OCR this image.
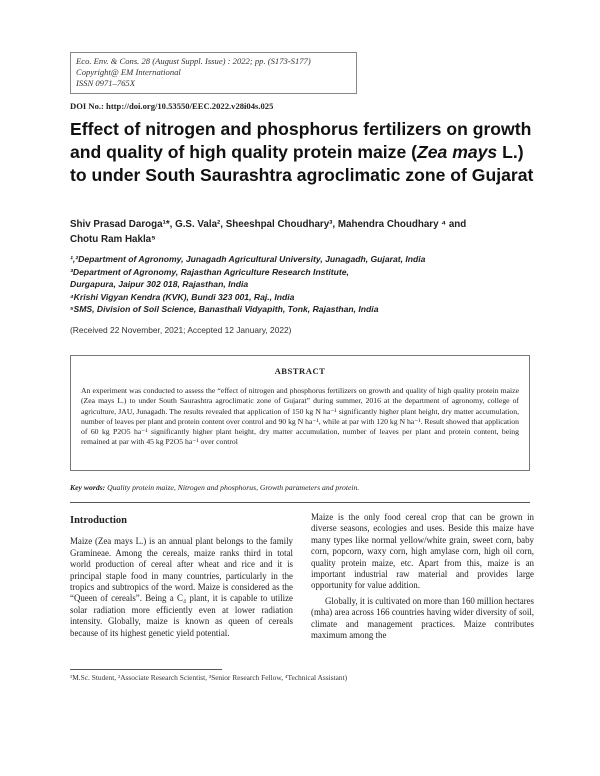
Eco. Env. & Cons. 28 (August Suppl. Issue) : 2022; pp. (S173-S177)
Copyright@ EM International
ISSN 0971–765X
DOI No.: http://doi.org/10.53550/EEC.2022.v28i04s.025
Effect of nitrogen and phosphorus fertilizers on growth and quality of high quality protein maize (Zea mays L.) to under South Saurashtra agroclimatic zone of Gujarat
Shiv Prasad Daroga¹*, G.S. Vala², Sheeshpal Choudhary³, Mahendra Choudhary ⁴ and
Chotu Ram Hakla⁵
¹,²Department of Agronomy, Junagadh Agricultural University, Junagadh, Gujarat, India
³Department of Agronomy, Rajasthan Agriculture Research Institute,
Durgapura, Jaipur 302 018, Rajasthan, India
⁴Krishi Vigyan Kendra (KVK), Bundi 323 001, Raj., India
⁵SMS, Division of Soil Science, Banasthali Vidyapith, Tonk, Rajasthan, India
(Received 22 November, 2021; Accepted 12 January, 2022)
ABSTRACT
An experiment was conducted to assess the “effect of nitrogen and phosphorus fertilizers on growth and quality of high quality protein maize (Zea mays L.) to under South Saurashtra agroclimatic zone of Gujarat” during summer, 2016 at the department of agronomy, college of agriculture, JAU, Junagadh. The results revealed that application of 150 kg N ha⁻¹ significantly higher plant height, dry matter accumulation, number of leaves per plant and protein content over control and 90 kg N ha⁻¹, while at par with 120 kg N ha⁻¹. Result showed that application of 60 kg P2O5 ha⁻¹ significantly higher plant height, dry matter accumulation, number of leaves per plant and protein content, being remained at par with 45 kg P2O5 ha⁻¹ over control
Key words: Quality protein maize, Nitrogen and phosphorus, Growth parameters and protein.
Introduction

Maize (Zea mays L.) is an annual plant belongs to the family Gramineae. Among the cereals, maize ranks third in total world production of cereal after wheat and rice and it is principal staple food in many countries, particularly in the tropics and subtropics of the word. Maize is considered as the “Queen of cereals”. Being a C₄ plant, it is capable to utilize solar radiation more efficiently even at lower radiation intensity. Globally, maize is known as queen of cereals because of its highest genetic yield potential.

Maize is the only food cereal crop that can be grown in diverse seasons, ecologies and uses. Beside this maize have many types like normal yellow/white grain, sweet corn, baby corn, popcorn, waxy corn, high amylase corn, high oil corn, quality protein maize, etc. Apart from this, maize is an important industrial raw material and provides large opportunity for value addition.

Globally, it is cultivated on more than 160 million hectares (mha) area across 166 countries having wider diversity of soil, climate and management practices. Maize contributes maximum among the

¹M.Sc. Student, ²Associate Research Scientist, ³Senior Research Fellow, ⁴Technical Assistant)
